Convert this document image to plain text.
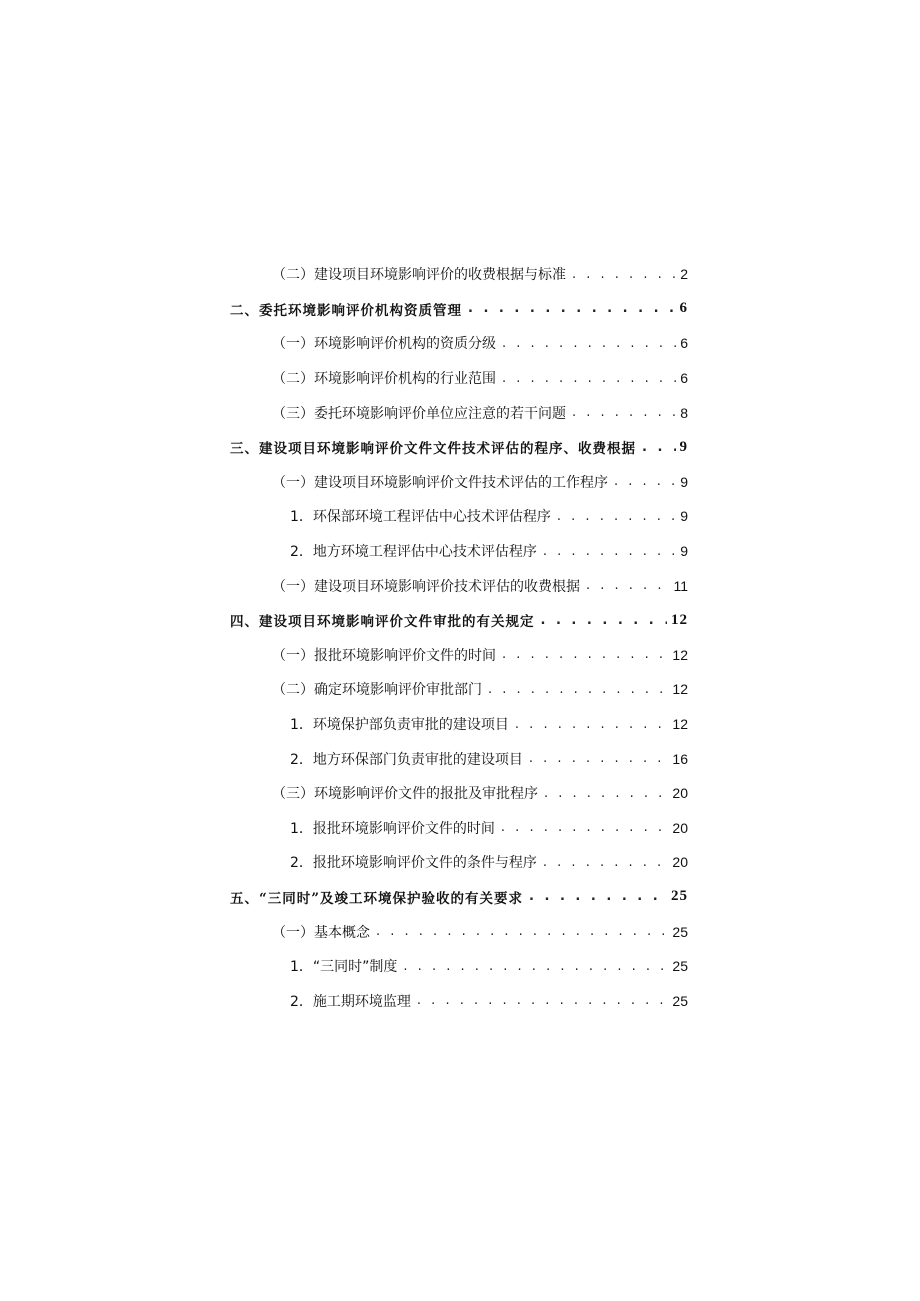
（二）建设项目环境影响评价的收费根据与标准 . . .	2
二、委托环境影响评价机构资质管理 . . .	6
（一）环境影响评价机构的资质分级 . . .	6
（二）环境影响评价机构的行业范围 . . .	6
（三）委托环境影响评价单位应注意的若干问题 . . .	8
三、建设项目环境影响评价文件文件技术评估的程序、收费根据 . . .	9
（一）建设项目环境影响评价文件技术评估的工作程序 . . .	9
1．环保部环境工程评估中心技术评估程序 . . .	9
2．地方环境工程评估中心技术评估程序 . . .	9
（一）建设项目环境影响评价技术评估的收费根据 . . .	11
四、建设项目环境影响评价文件审批的有关规定 . . .	12
（一）报批环境影响评价文件的时间 . . .	12
（二）确定环境影响评价审批部门 . . .	12
1．环境保护部负责审批的建设项目 . . .	12
2．地方环保部门负责审批的建设项目 . . .	16
（三）环境影响评价文件的报批及审批程序 . . .	20
1．报批环境影响评价文件的时间 . . .	20
2．报批环境影响评价文件的条件与程序 . . .	20
五、“三同时”及竣工环境保护验收的有关要求 . . .	25
（一）基本概念 . . .	25
1．“三同时”制度 . . .	25
2．施工期环境监理 . . .	25
